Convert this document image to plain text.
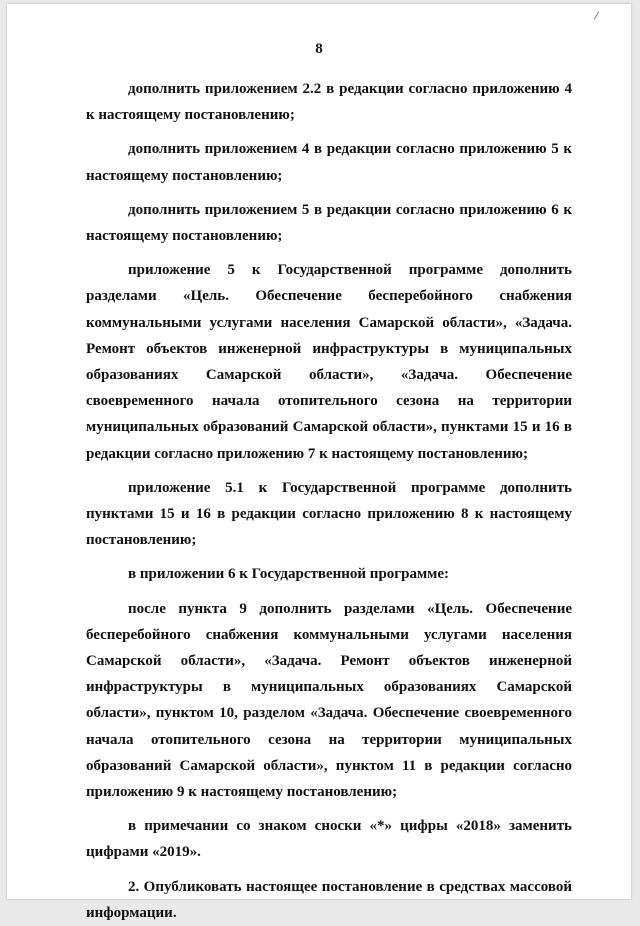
8

дополнить приложением 2.2 в редакции согласно приложению 4 к настоящему постановлению;

дополнить приложением 4 в редакции согласно приложению 5 к настоящему постановлению;

дополнить приложением 5 в редакции согласно приложению 6 к настоящему постановлению;

приложение 5 к Государственной программе дополнить разделами «Цель. Обеспечение бесперебойного снабжения коммунальными услугами населения Самарской области», «Задача. Ремонт объектов инженерной инфраструктуры в муниципальных образованиях Самарской области», «Задача. Обеспечение своевременного начала отопительного сезона на территории муниципальных образований Самарской области», пунктами 15 и 16 в редакции согласно приложению 7 к настоящему постановлению;

приложение 5.1 к Государственной программе дополнить пунктами 15 и 16 в редакции согласно приложению 8 к настоящему постановлению;

в приложении 6 к Государственной программе:

после пункта 9 дополнить разделами «Цель. Обеспечение бесперебойного снабжения коммунальными услугами населения Самарской области», «Задача. Ремонт объектов инженерной инфраструктуры в муниципальных образованиях Самарской области», пунктом 10, разделом «Задача. Обеспечение своевременного начала отопительного сезона на территории муниципальных образований Самарской области», пунктом 11 в редакции согласно приложению 9 к настоящему постановлению;

в примечании со знаком сноски «*» цифры «2018» заменить цифрами «2019».

2. Опубликовать настоящее постановление в средствах массовой информации.
